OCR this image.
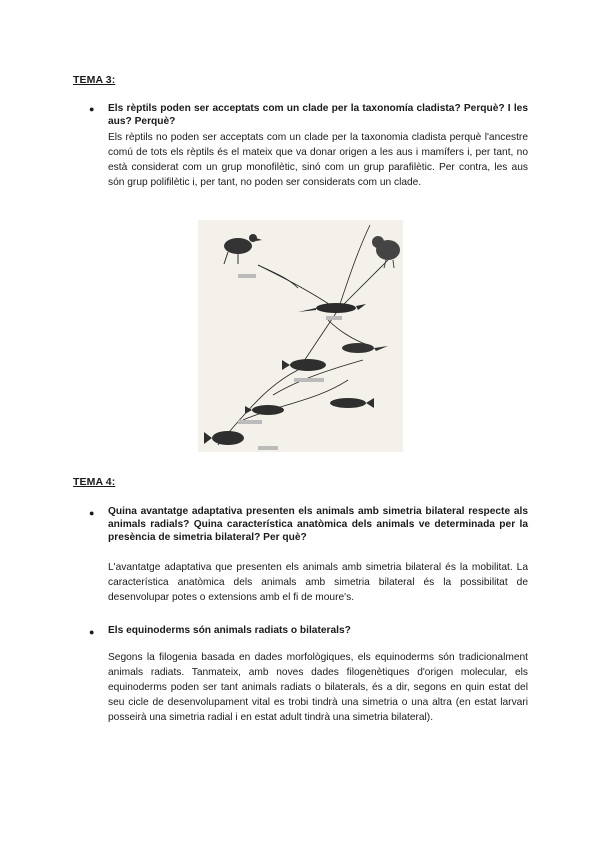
TEMA 3:
● Els rèptils poden ser acceptats com un clade per la taxonomía cladista? Perquè? I les aus? Perquè?
Els rèptils no poden ser acceptats com un clade per la taxonomia cladista perquè l'ancestre comú de tots els rèptils és el mateix que va donar origen a les aus i mamífers i, per tant, no està considerat com un grup monofilètic, sinó com un grup parafilètic. Per contra, les aus són grup polifilètic i, per tant, no poden ser considerats com un clade.
TEMA 4:
● Quina avantatge adaptativa presenten els animals amb simetria bilateral respecte als animals radials? Quina característica anatòmica dels animals ve determinada per la presència de simetria bilateral? Per què?
L'avantatge adaptativa que presenten els animals amb simetria bilateral és la mobilitat. La característica anatòmica dels animals amb simetria bilateral és la possibilitat de desenvolupar potes o extensions amb el fi de moure's.
● Els equinoderms són animals radiats o bilaterals?
Segons la filogenia basada en dades morfològiques, els equinoderms són tradicionalment animals radiats. Tanmateix, amb noves dades filogenètiques d'origen molecular, els equinoderms poden ser tant animals radiats o bilaterals, és a dir, segons en quin estat del seu cicle de desenvolupament vital es trobi tindrà una simetria o una altra (en estat larvari posseirà una simetria radial i en estat adult tindrà una simetria bilateral).
